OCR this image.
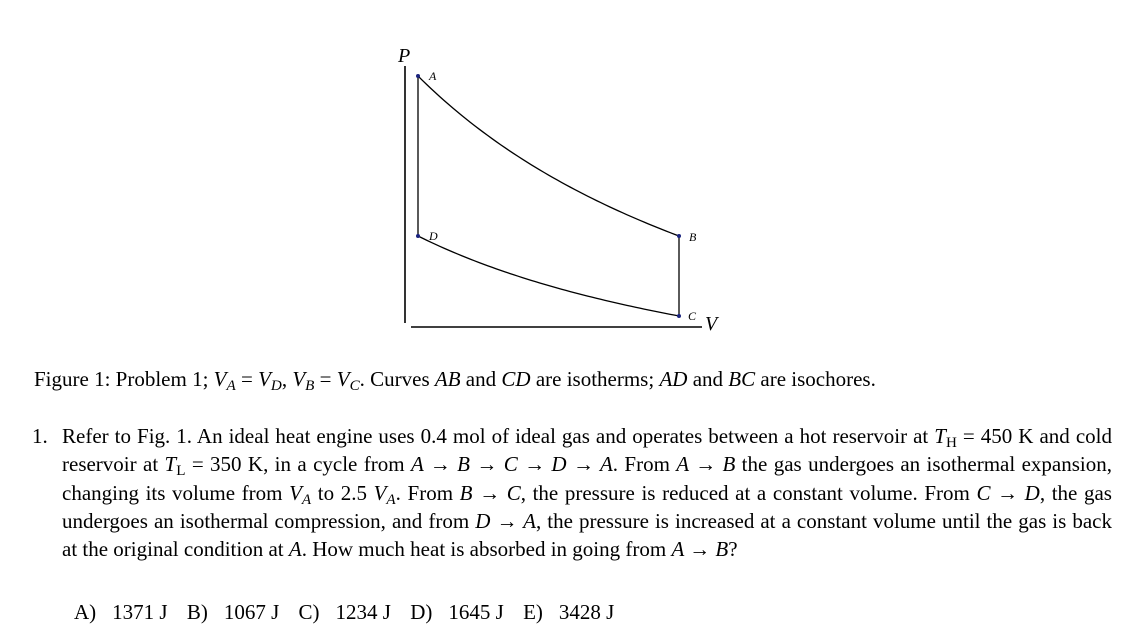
P
V
A
B
C
D
Figure 1: Problem 1; $V_A = V_D$, $V_B = V_C$. Curves AB and CD are isotherms; AD and BC are isochores.
1. Refer to Fig. 1. An ideal heat engine uses 0.4 mol of ideal gas and operates between a hot reservoir at $T_H = 450$ K and cold reservoir at $T_L = 350$ K, in a cycle from A → B → C → D → A. From A → B the gas undergoes an isothermal expansion, changing its volume from $V_A$ to 2.5 $V_A$. From B → C, the pressure is reduced at a constant volume. From C → D, the gas undergoes an isothermal compression, and from D → A, the pressure is increased at a constant volume until the gas is back at the original condition at A. How much heat is absorbed in going from A → B?
A) 1371 J B) 1067 J C) 1234 J D) 1645 J E) 3428 J
